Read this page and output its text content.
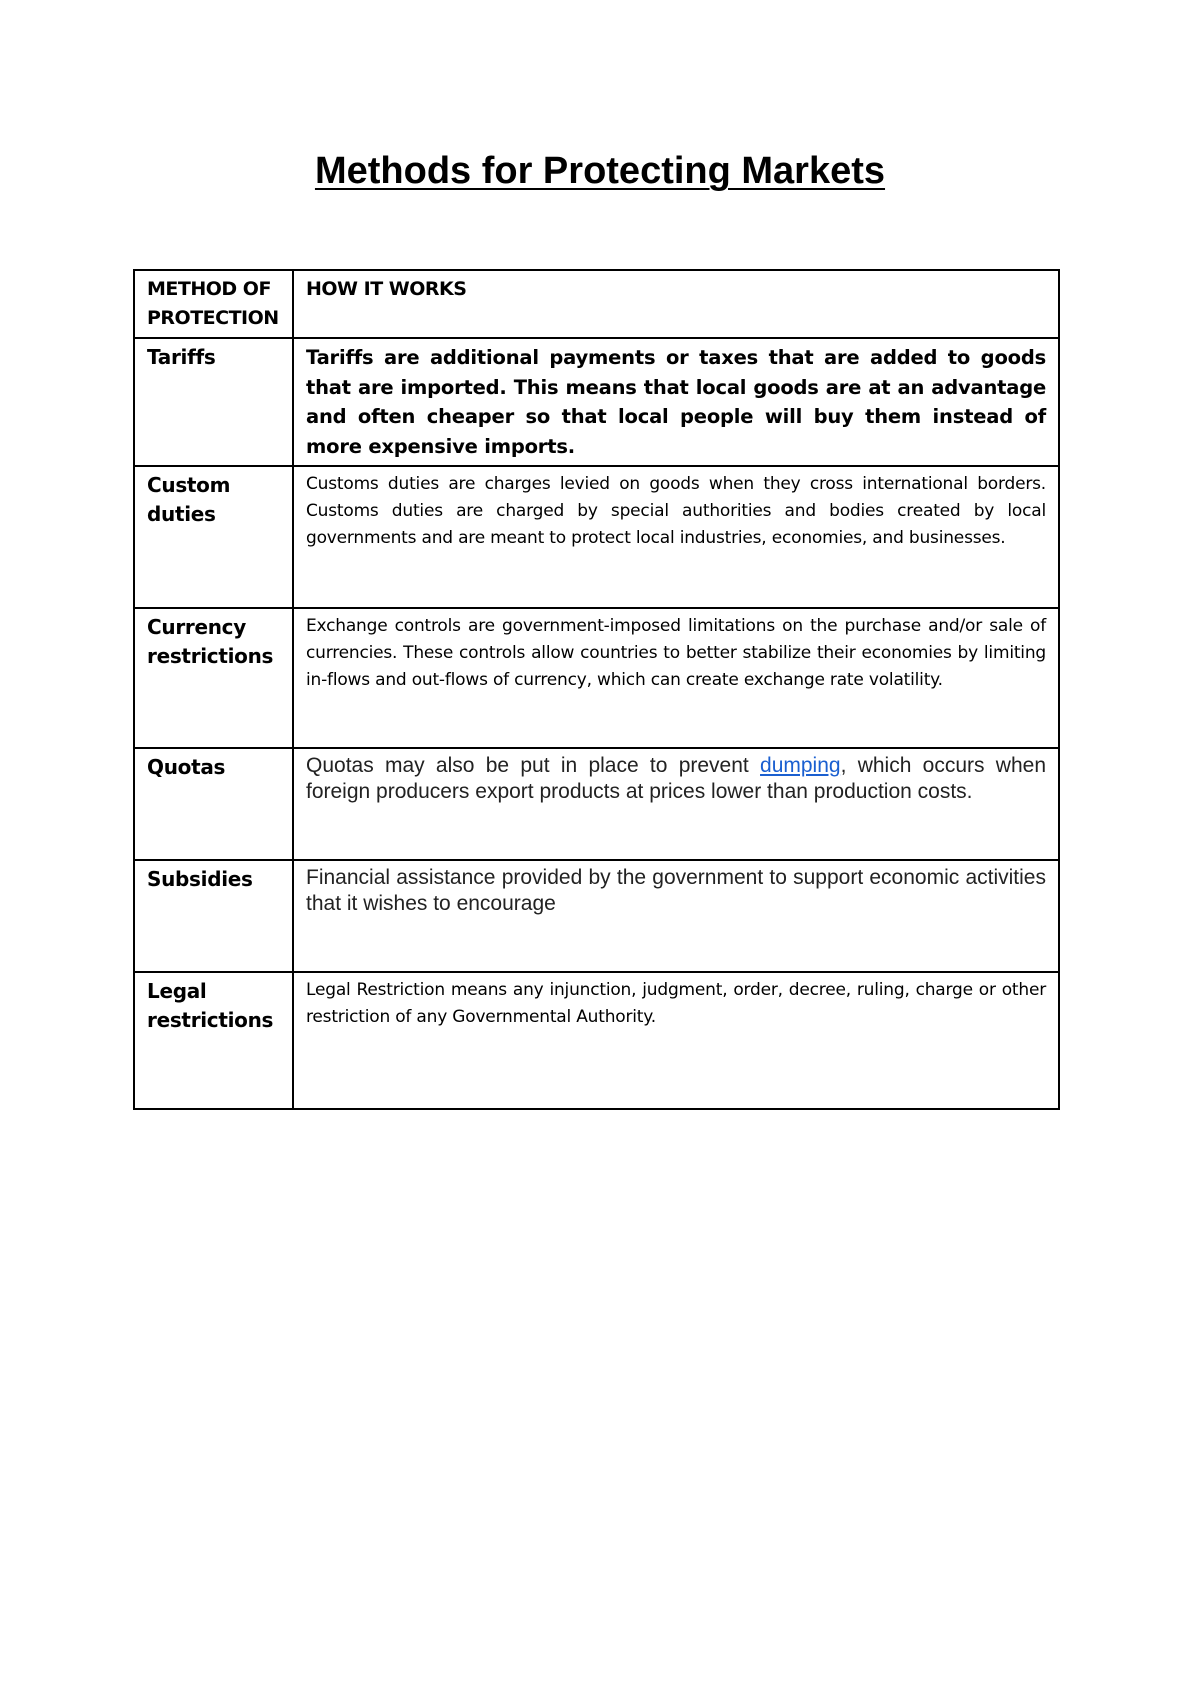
Methods for Protecting Markets
METHOD OF PROTECTION	HOW IT WORKS
Tariffs	Tariffs are additional payments or taxes that are added to goods that are imported. This means that local goods are at an advantage and often cheaper so that local people will buy them instead of more expensive imports.
Custom duties	Customs duties are charges levied on goods when they cross international borders. Customs duties are charged by special authorities and bodies created by local governments and are meant to protect local industries, economies, and businesses.
Currency restrictions	Exchange controls are government-imposed limitations on the purchase and/or sale of currencies. These controls allow countries to better stabilize their economies by limiting in-flows and out-flows of currency, which can create exchange rate volatility.
Quotas	Quotas may also be put in place to prevent dumping, which occurs when foreign producers export products at prices lower than production costs.
Subsidies	Financial assistance provided by the government to support economic activities that it wishes to encourage
Legal restrictions	Legal Restriction means any injunction, judgment, order, decree, ruling, charge or other restriction of any Governmental Authority.
